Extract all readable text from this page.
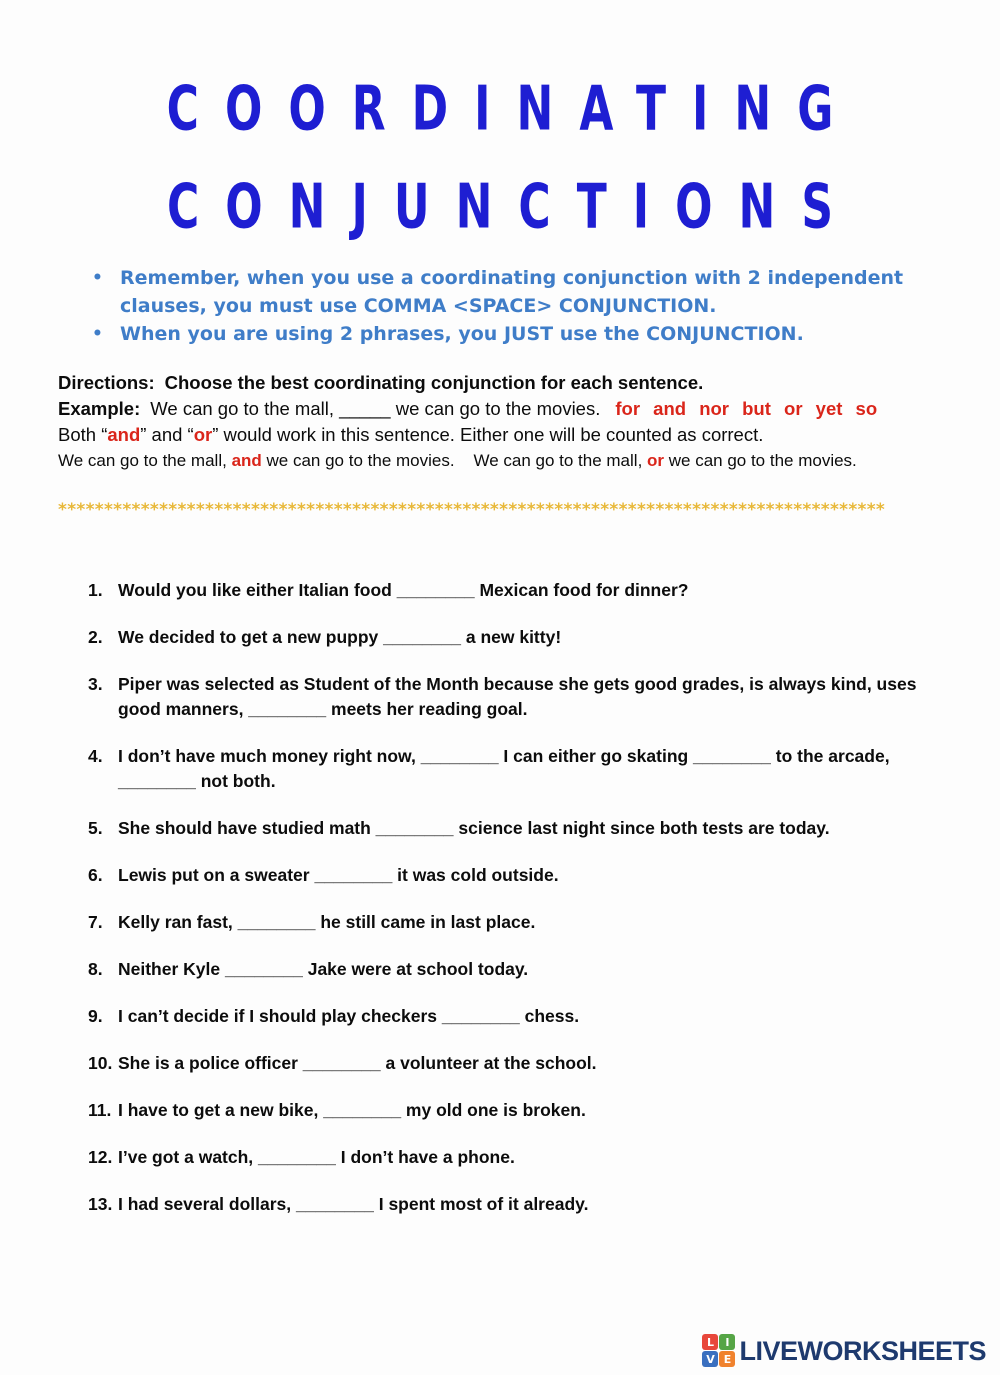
COORDINATING
CONJUNCTIONS
• Remember, when you use a coordinating conjunction with 2 independent clauses, you must use COMMA <SPACE> CONJUNCTION.
• When you are using 2 phrases, you JUST use the CONJUNCTION.

Directions: Choose the best coordinating conjunction for each sentence.

Example: We can go to the mall, _____ we can go to the movies. for and nor but or yet so

Both “and” and “or” would work in this sentence. Either one will be counted as correct.

We can go to the mall, and we can go to the movies.    We can go to the mall, or we can go to the movies.

******************************************************************************************
1. Would you like either Italian food ________ Mexican food for dinner?
2. We decided to get a new puppy ________ a new kitty!
3. Piper was selected as Student of the Month because she gets good grades, is always kind, uses good manners, ________ meets her reading goal.
4. I don’t have much money right now, ________ I can either go skating ________ to the arcade, ________ not both.
5. She should have studied math ________ science last night since both tests are today.
6. Lewis put on a sweater ________ it was cold outside.
7. Kelly ran fast, ________ he still came in last place.
8. Neither Kyle ________ Jake were at school today.
9. I can’t decide if I should play checkers ________ chess.
10. She is a police officer ________ a volunteer at the school.
11. I have to get a new bike, ________ my old one is broken.
12. I’ve got a watch, ________ I don’t have a phone.
13. I had several dollars, ________ I spent most of it already.
L	I
V E LIVEWORKSHEETS
